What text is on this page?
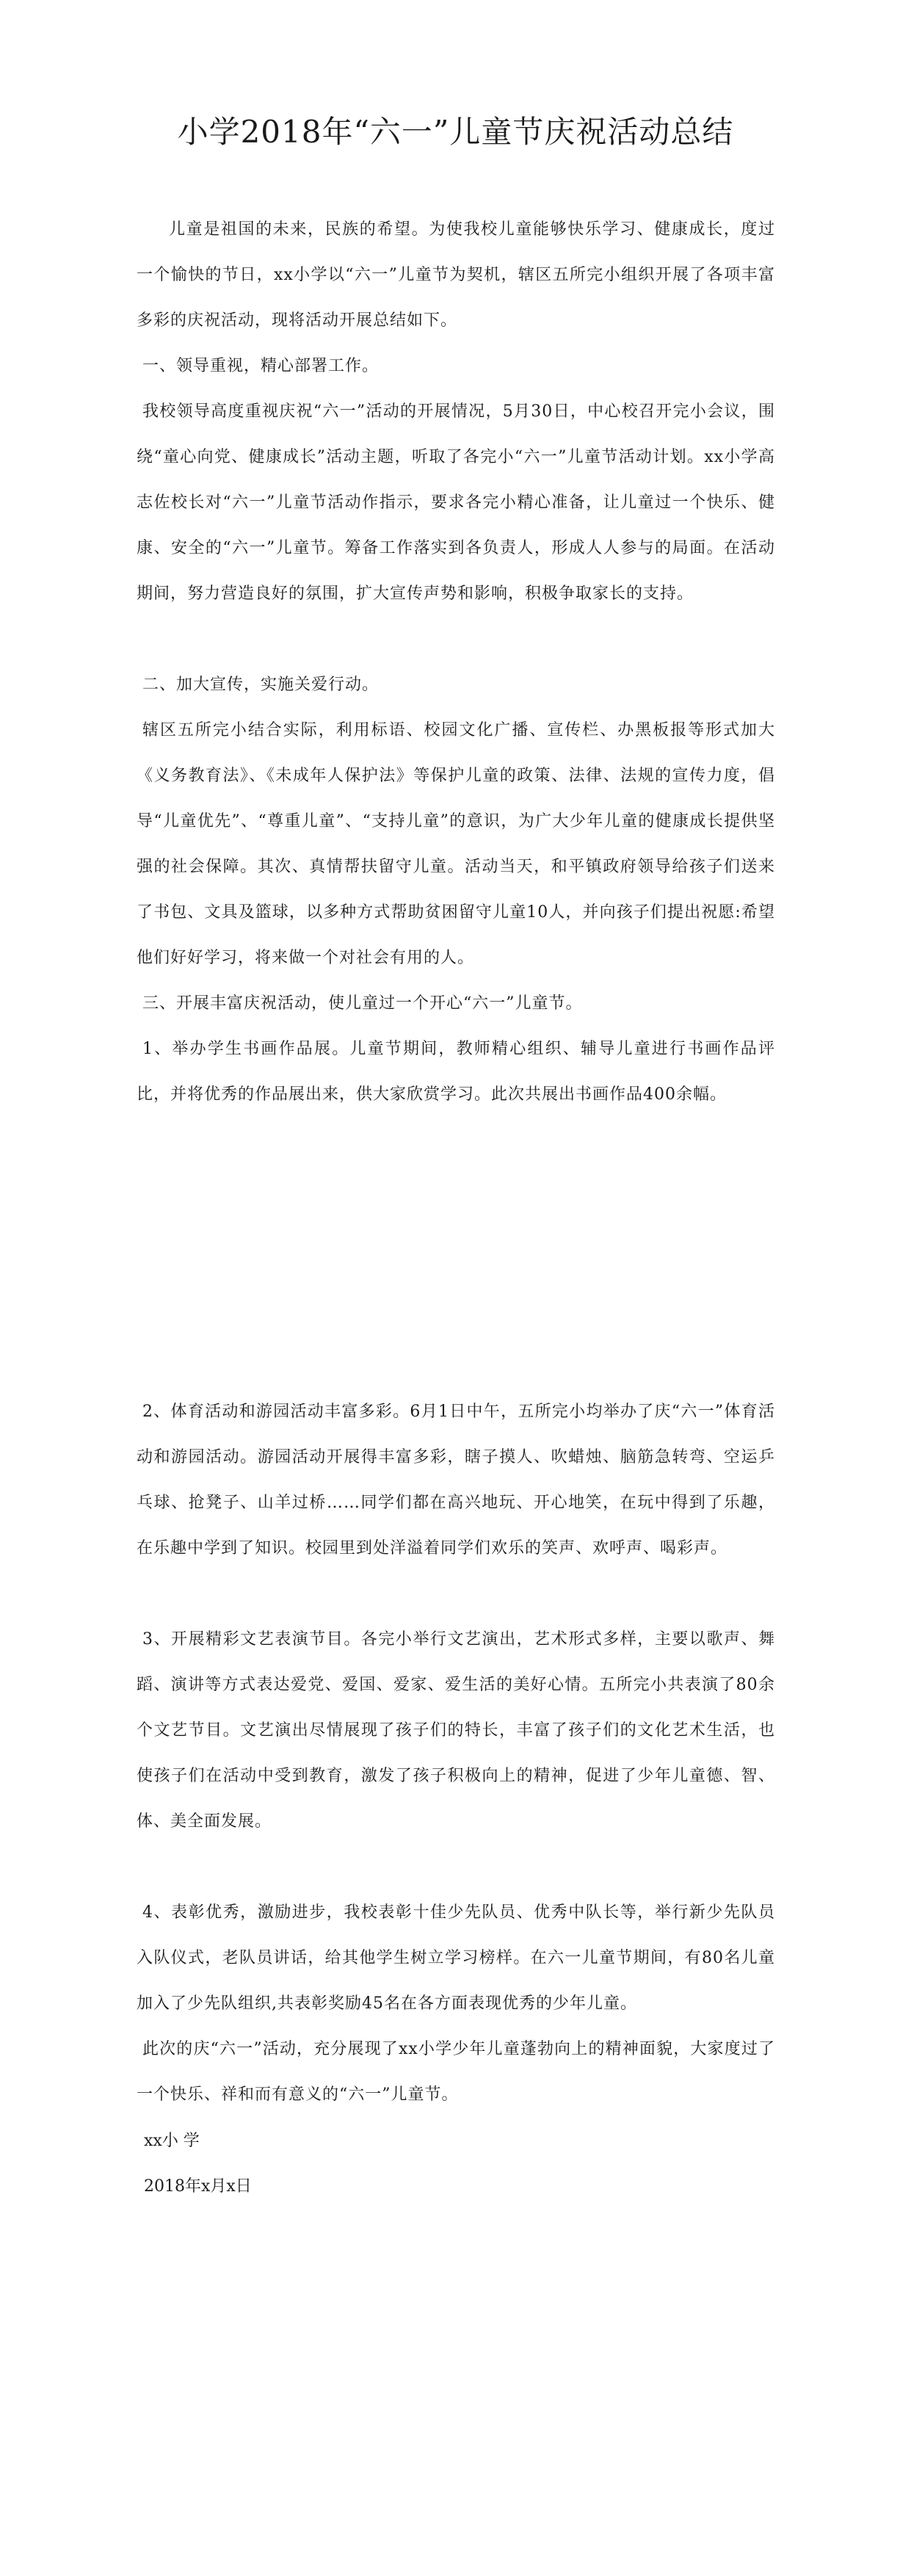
小学2018年“六一”儿童节庆祝活动总结

儿童是祖国的未来，民族的希望。为使我校儿童能够快乐学习、健康成长，度过一个愉快的节日，xx小学以“六一”儿童节为契机，辖区五所完小组织开展了各项丰富多彩的庆祝活动，现将活动开展总结如下。

一、领导重视，精心部署工作。

我校领导高度重视庆祝“六一”活动的开展情况，5月30日，中心校召开完小会议，围绕“童心向党、健康成长”活动主题，听取了各完小“六一”儿童节活动计划。xx小学高志佐校长对“六一”儿童节活动作指示，要求各完小精心准备，让儿童过一个快乐、健康、安全的“六一”儿童节。筹备工作落实到各负责人，形成人人参与的局面。在活动期间，努力营造良好的氛围，扩大宣传声势和影响，积极争取家长的支持。

二、加大宣传，实施关爱行动。

辖区五所完小结合实际，利用标语、校园文化广播、宣传栏、办黑板报等形式加大《义务教育法》、《未成年人保护法》等保护儿童的政策、法律、法规的宣传力度，倡导“儿童优先”、“尊重儿童”、“支持儿童”的意识，为广大少年儿童的健康成长提供坚强的社会保障。其次、真情帮扶留守儿童。活动当天，和平镇政府领导给孩子们送来了书包、文具及篮球，以多种方式帮助贫困留守儿童10人，并向孩子们提出祝愿:希望他们好好学习，将来做一个对社会有用的人。

三、开展丰富庆祝活动，使儿童过一个开心“六一”儿童节。

1、举办学生书画作品展。儿童节期间，教师精心组织、辅导儿童进行书画作品评比，并将优秀的作品展出来，供大家欣赏学习。此次共展出书画作品400余幅。

2、体育活动和游园活动丰富多彩。6月1日中午，五所完小均举办了庆“六一”体育活动和游园活动。游园活动开展得丰富多彩，瞎子摸人、吹蜡烛、脑筋急转弯、空运乒乓球、抢凳子、山羊过桥……同学们都在高兴地玩、开心地笑，在玩中得到了乐趣，在乐趣中学到了知识。校园里到处洋溢着同学们欢乐的笑声、欢呼声、喝彩声。

3、开展精彩文艺表演节目。各完小举行文艺演出，艺术形式多样，主要以歌声、舞蹈、演讲等方式表达爱党、爱国、爱家、爱生活的美好心情。五所完小共表演了80余个文艺节目。文艺演出尽情展现了孩子们的特长，丰富了孩子们的文化艺术生活，也使孩子们在活动中受到教育，激发了孩子积极向上的精神，促进了少年儿童德、智、体、美全面发展。

4、表彰优秀，激励进步，我校表彰十佳少先队员、优秀中队长等，举行新少先队员入队仪式，老队员讲话，给其他学生树立学习榜样。在六一儿童节期间，有80名儿童加入了少先队组织,共表彰奖励45名在各方面表现优秀的少年儿童。

此次的庆“六一”活动，充分展现了xx小学少年儿童蓬勃向上的精神面貌，大家度过了一个快乐、祥和而有意义的“六一”儿童节。

xx小 学

2018年x月x日
